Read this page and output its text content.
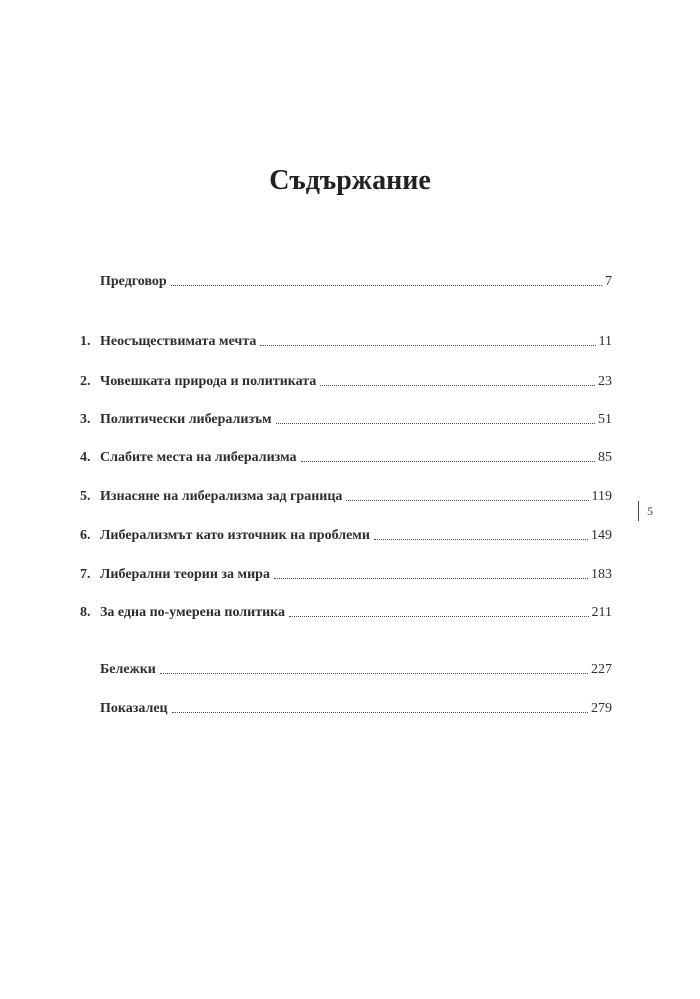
Съдържание
Предговор	7
1. Неосъществимата мечта	11
2. Човешката природа и политиката	23
3. Политически либерализъм	51
4. Слабите места на либерализма	85
5. Изнасяне на либерализма зад граница	119
6. Либерализмът като източник на проблеми	149
7. Либерални теории за мира	183
8. За една по-умерена политика	211
Бележки	227
Показалец	279
5
